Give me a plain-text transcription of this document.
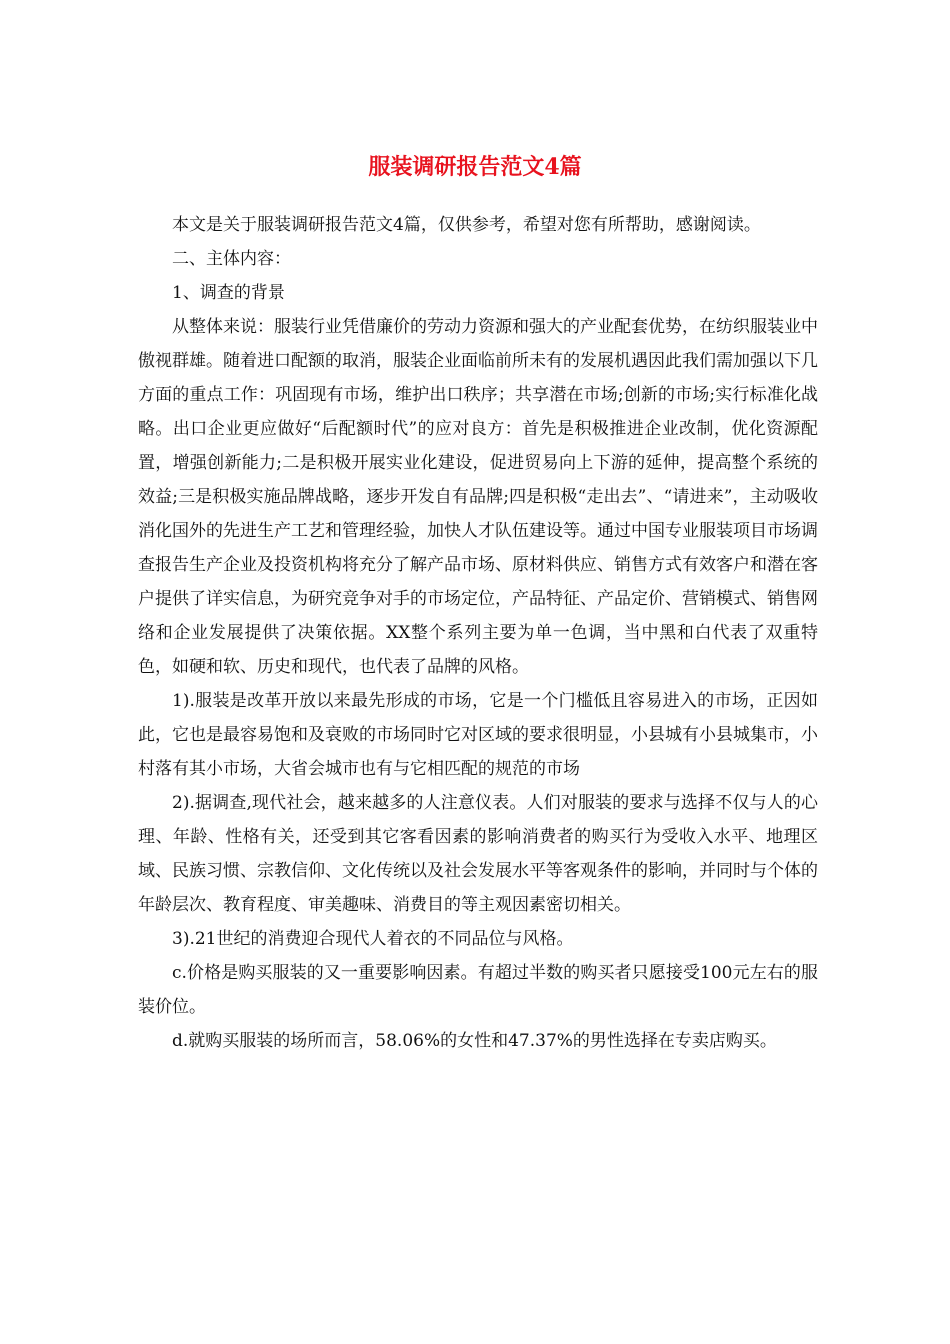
服装调研报告范文4篇

本文是关于服装调研报告范文4篇，仅供参考，希望对您有所帮助，感谢阅读。

二、主体内容：

1、调查的背景

从整体来说：服装行业凭借廉价的劳动力资源和强大的产业配套优势，在纺织服装业中傲视群雄。随着进口配额的取消，服装企业面临前所未有的发展机遇因此我们需加强以下几方面的重点工作：巩固现有市场，维护出口秩序；共享潜在市场;创新的市场;实行标准化战略。出口企业更应做好“后配额时代”的应对良方：首先是积极推进企业改制，优化资源配置，增强创新能力;二是积极开展实业化建设，促进贸易向上下游的延伸，提高整个系统的效益;三是积极实施品牌战略，逐步开发自有品牌;四是积极“走出去”、“请进来”，主动吸收消化国外的先进生产工艺和管理经验，加快人才队伍建设等。通过中国专业服装项目市场调查报告生产企业及投资机构将充分了解产品市场、原材料供应、销售方式有效客户和潜在客户提供了详实信息，为研究竞争对手的市场定位，产品特征、产品定价、营销模式、销售网络和企业发展提供了决策依据。XX整个系列主要为单一色调，当中黑和白代表了双重特色，如硬和软、历史和现代，也代表了品牌的风格。

1).服装是改革开放以来最先形成的市场，它是一个门槛低且容易进入的市场，正因如此，它也是最容易饱和及衰败的市场同时它对区域的要求很明显，小县城有小县城集市，小村落有其小市场，大省会城市也有与它相匹配的规范的市场

2).据调查,现代社会，越来越多的人注意仪表。人们对服装的要求与选择不仅与人的心理、年龄、性格有关，还受到其它客看因素的影响消费者的购买行为受收入水平、地理区域、民族习惯、宗教信仰、文化传统以及社会发展水平等客观条件的影响，并同时与个体的年龄层次、教育程度、审美趣味、消费目的等主观因素密切相关。

3).21世纪的消费迎合现代人着衣的不同品位与风格。

c.价格是购买服装的又一重要影响因素。有超过半数的购买者只愿接受100元左右的服装价位。

d.就购买服装的场所而言，58.06%的女性和47.37%的男性选择在专卖店购买。
